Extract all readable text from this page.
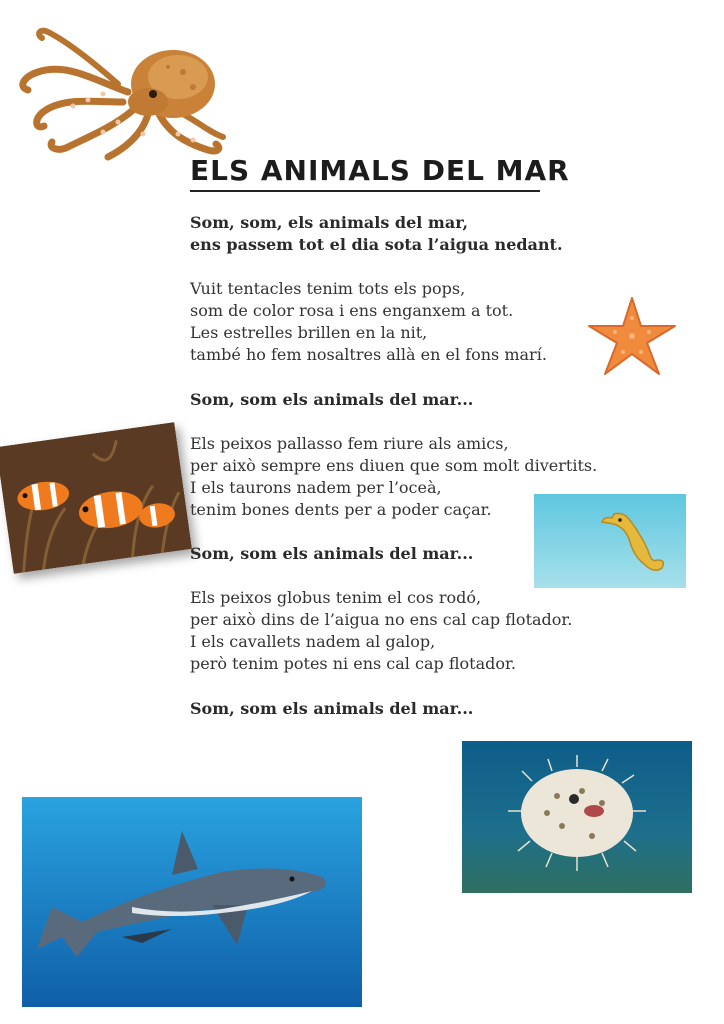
ELS ANIMALS DEL MAR
Som, som, els animals del mar,
ens passem tot el dia sota l’aigua nedant.
Vuit tentacles tenim tots els pops,
som de color rosa i ens enganxem a tot.
Les estrelles brillen en la nit,
també ho fem nosaltres allà en el fons marí.
Som, som els animals del mar...
Els peixos pallasso fem riure als amics,
per això sempre ens diuen que som molt divertits.
I els taurons nadem per l’oceà,
tenim bones dents per a poder caçar.
Som, som els animals del mar...
Els peixos globus tenim el cos rodó,
per això dins de l’aigua no ens cal cap flotador.
I els cavallets nadem al galop,
però tenim potes ni ens cal cap flotador.
Som, som els animals del mar...
